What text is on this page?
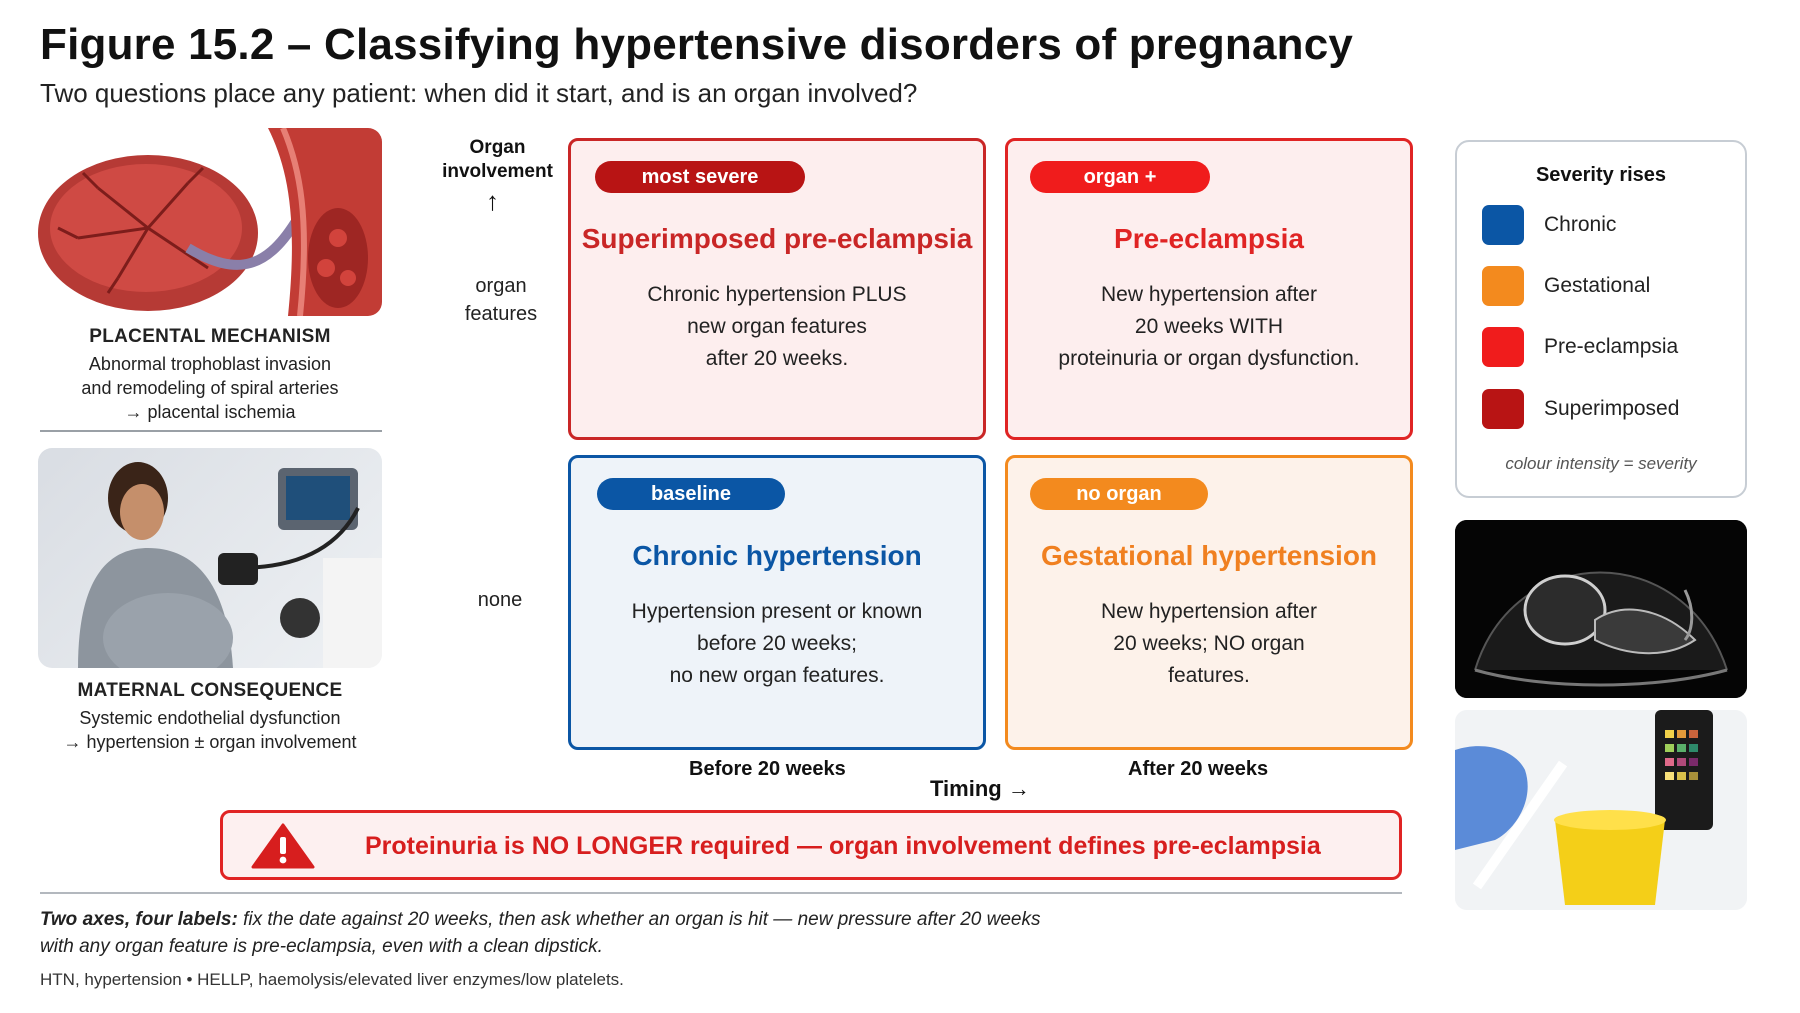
Figure 15.2 – Classifying hypertensive disorders of pregnancy
Two questions place any patient: when did it start, and is an organ involved?
PLACENTAL MECHANISM
Abnormal trophoblast invasion
and remodeling of spiral arteries
→ placental ischemia
MATERNAL CONSEQUENCE
Systemic endothelial dysfunction
→ hypertension ± organ involvement
Organ
involvement
↑
organ
features
none
most severe
Superimposed pre-eclampsia
Chronic hypertension PLUS
new organ features
after 20 weeks.
organ +
Pre-eclampsia
New hypertension after
20 weeks WITH
proteinuria or organ dysfunction.
baseline
Chronic hypertension
Hypertension present or known
before 20 weeks;
no new organ features.
no organ
Gestational hypertension
New hypertension after
20 weeks; NO organ
features.
Before 20 weeks	After 20 weeks
Timing →
Proteinuria is NO LONGER required — organ involvement defines pre-eclampsia
Two axes, four labels: fix the date against 20 weeks, then ask whether an organ is hit — new pressure after 20 weeks
with any organ feature is pre-eclampsia, even with a clean dipstick.
HTN, hypertension • HELLP, haemolysis/elevated liver enzymes/low platelets.
Severity rises
Chronic
Gestational
Pre-eclampsia
Superimposed
colour intensity = severity
